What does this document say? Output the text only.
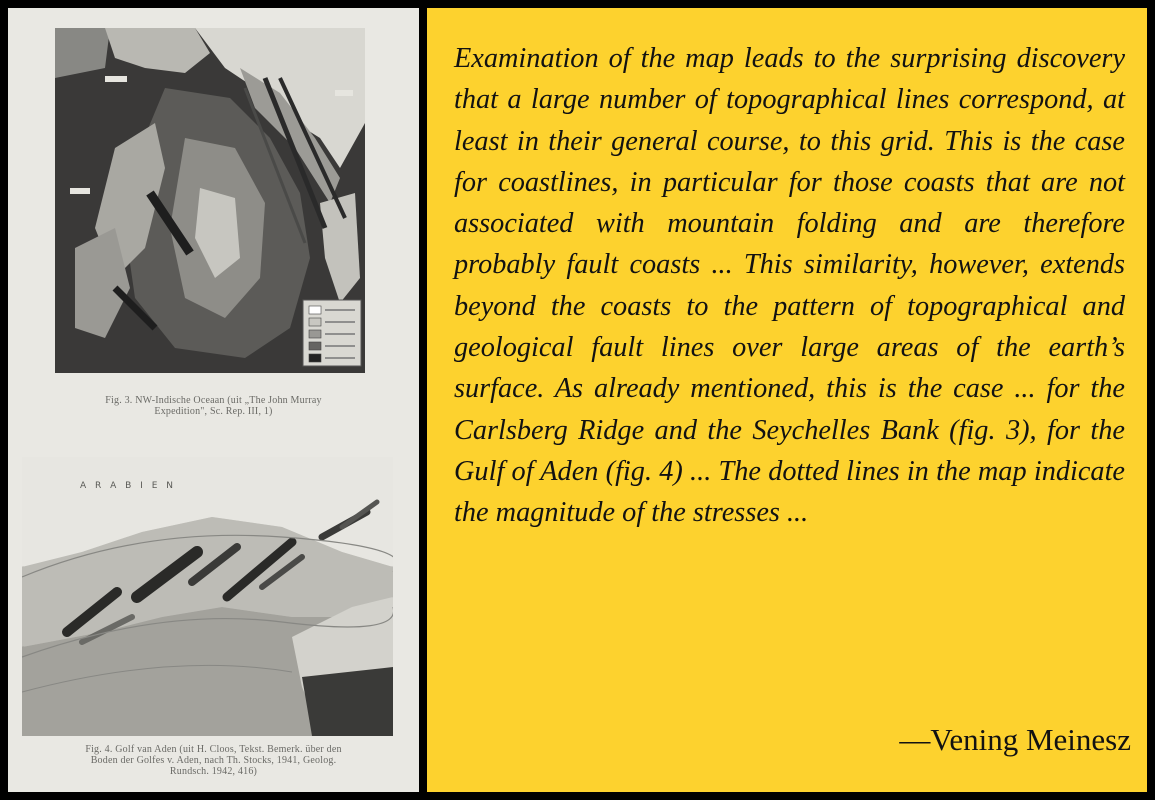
Fig. 3. NW-Indische Oceaan (uit „The John Murray
Expedition", Sc. Rep. III, 1)
A R A B I E N
Fig. 4. Golf van Aden (uit H. Cloos, Tekst. Bemerk. über den
Boden der Golfes v. Aden, nach Th. Stocks, 1941, Geolog.
Rundsch. 1942, 416)

Examination of the map leads to the surprising discovery that a large number of topographical lines correspond, at least in their general course, to this grid. This is the case for coastlines, in particular for those coasts that are not associated with mountain folding and are therefore probably fault coasts ... This similarity, however, extends beyond the coasts to the pattern of topographical and geological fault lines over large areas of the earth’s surface. As already mentioned, this is the case ... for the Carlsberg Ridge and the Seychelles Bank (fig. 3), for the Gulf of Aden (fig. 4) ... The dotted lines in the map indicate the magnitude of the stresses ...

—Vening Meinesz
